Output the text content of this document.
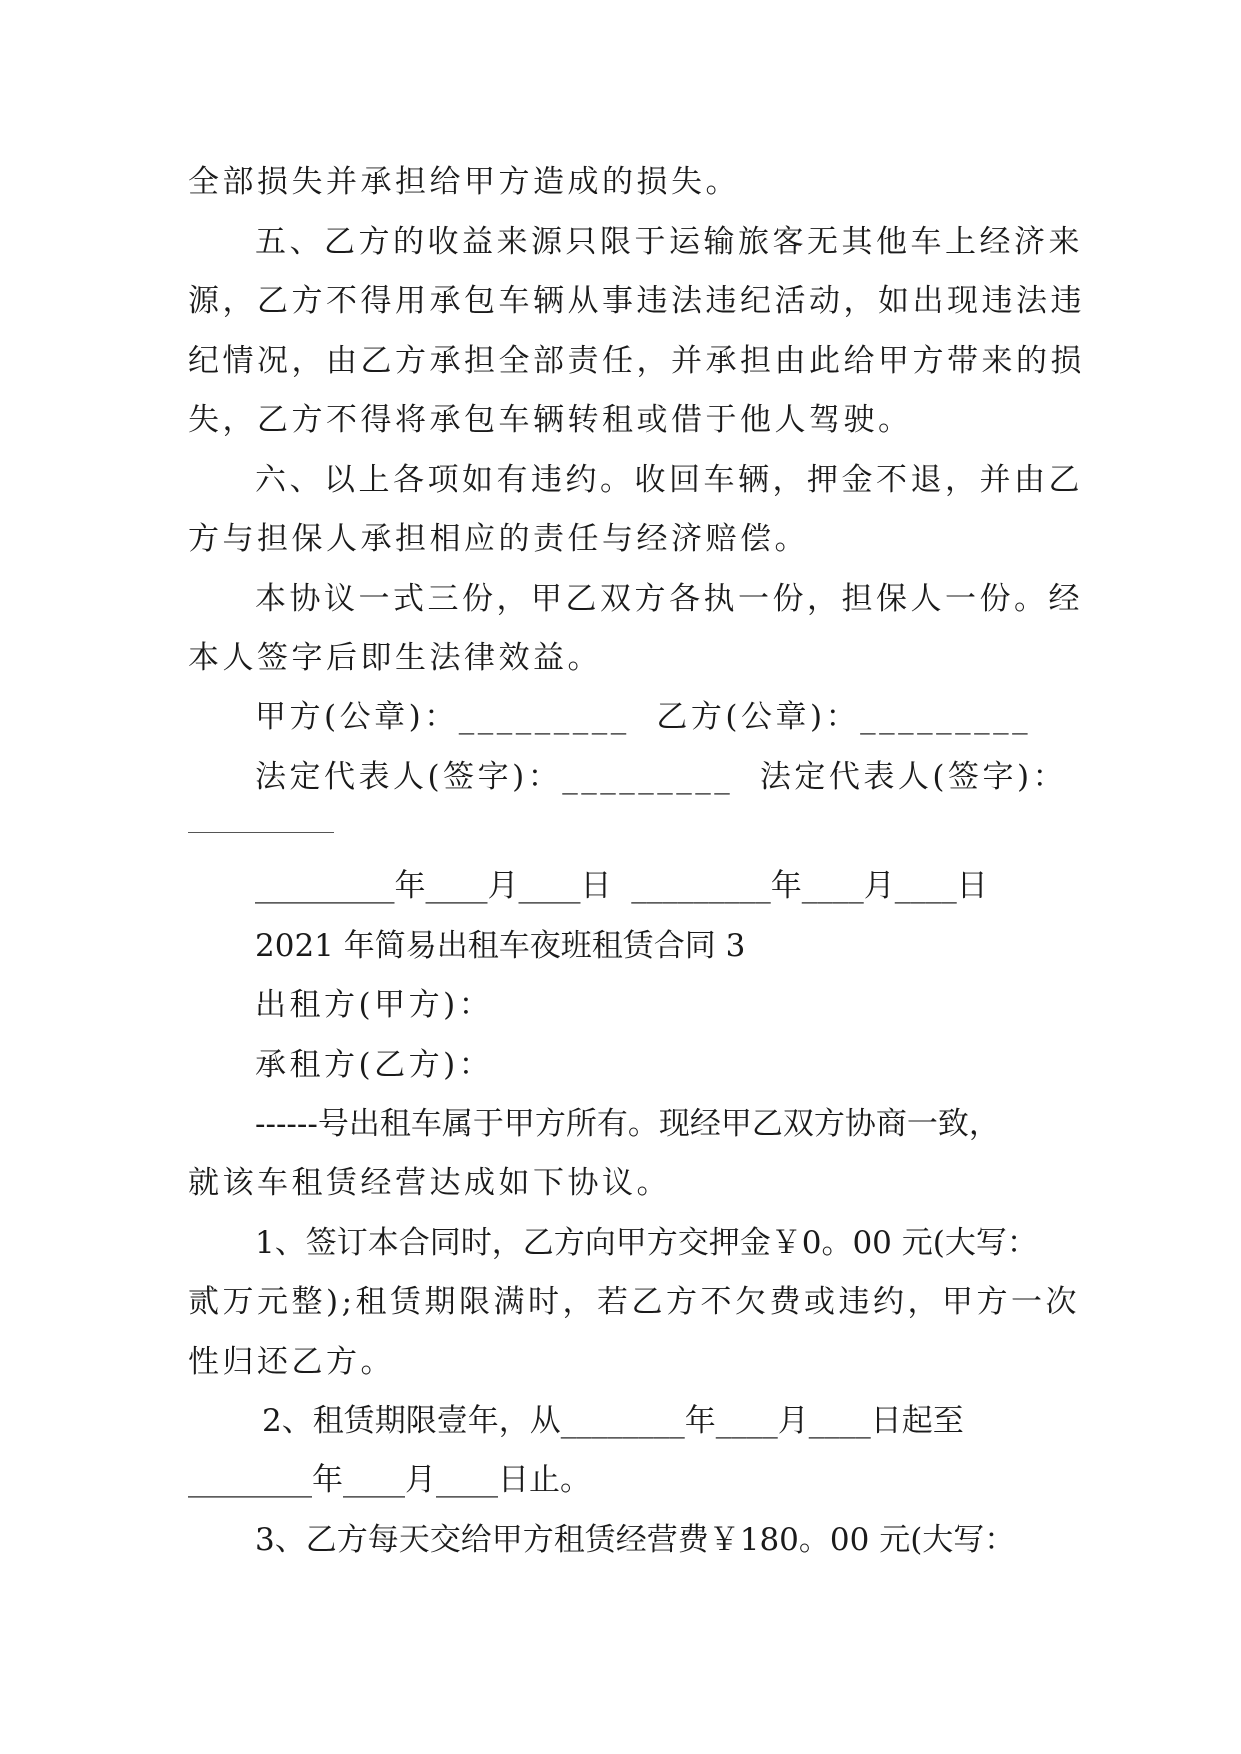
全部损失并承担给甲方造成的损失。
五、乙方的收益来源只限于运输旅客无其他车上经济来
源，乙方不得用承包车辆从事违法违纪活动，如出现违法违
纪情况，由乙方承担全部责任，并承担由此给甲方带来的损
失，乙方不得将承包车辆转租或借于他人驾驶。
六、以上各项如有违约。收回车辆，押金不退，并由乙
方与担保人承担相应的责任与经济赔偿。
本协议一式三份，甲乙双方各执一份，担保人一份。经
本人签字后即生法律效益。
甲方(公章)：_________  乙方(公章)：_________
法定代表人(签字)：_________  法定代表人(签字)：
_________年____月____日  _________年____月____日
2021 年简易出租车夜班租赁合同 3
出租方(甲方)：
承租方(乙方)：
------号出租车属于甲方所有。现经甲乙双方协商一致，
就该车租赁经营达成如下协议。
1、签订本合同时，乙方向甲方交押金￥0。00 元(大写：
贰万元整);租赁期限满时，若乙方不欠费或违约，甲方一次
性归还乙方。
2、租赁期限壹年，从________年____月____日起至
________年____月____日止。
3、乙方每天交给甲方租赁经营费￥180。00 元(大写：
